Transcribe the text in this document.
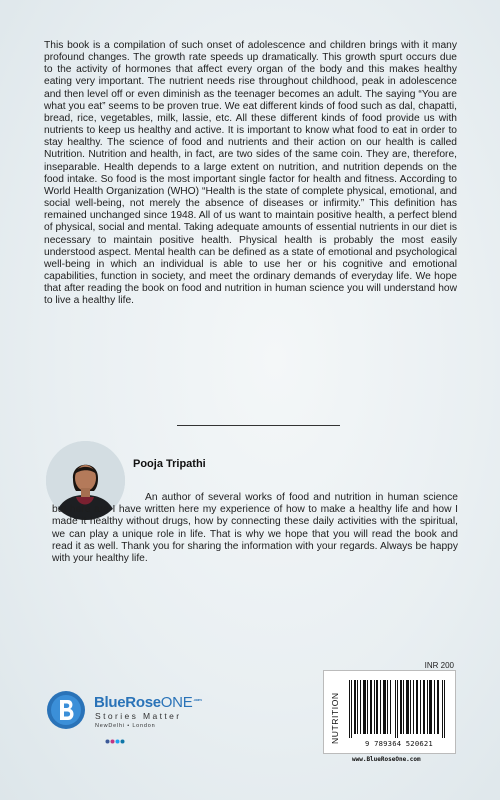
This book is a compilation of such onset of adolescence and children brings with it many profound changes. The growth rate speeds up dramatically. This growth spurt occurs due to the activity of hormones that affect every organ of the body and this makes healthy eating very important. The nutrient needs rise throughout childhood, peak in adolescence and then level off or even diminish as the teenager becomes an adult. The saying “You are what you eat” seems to be proven true. We eat different kinds of food such as dal, chapatti, bread, rice, vegetables, milk, lassie, etc. All these different kinds of food provide us with nutrients to keep us healthy and active. It is important to know what food to eat in order to stay healthy. The science of food and nutrients and their action on our health is called Nutrition. Nutrition and health, in fact, are two sides of the same coin. They are, therefore, inseparable. Health depends to a large extent on nutrition, and nutrition depends on the food intake. So food is the most important single factor for health and fitness. According to World Health Organization (WHO) “Health is the state of complete physical, emotional, and social well-being, not merely the absence of diseases or infirmity.” This definition has remained unchanged since 1948. All of us want to maintain positive health, a perfect blend of physical, social and mental. Taking adequate amounts of essential nutrients in our diet is necessary to maintain positive health. Physical health is probably the most easily understood aspect. Mental health can be defined as a state of emotional and psychological well-being in which an individual is able to use her or his cognitive and emotional capabilities, function in society, and meet the ordinary demands of everyday life. We hope that after reading the book on food and nutrition in human science you will understand how to live a healthy life.

Pooja Tripathi

An author of several works of food and nutrition in human science but here are I have written here my experience of how to make a healthy life and how I made it healthy without drugs, how by connecting these daily activities with the spiritual, we can play a unique role in life. That is why we hope that you will read the book and read it as well. Thank you for sharing the information with your regards. Always be happy with your healthy life.

BlueRoseONE$^{.com}$
Stories Matter
NewDelhi • London
INR 200
NUTRITION	9 789364 520621
www.BlueRoseOne.com
